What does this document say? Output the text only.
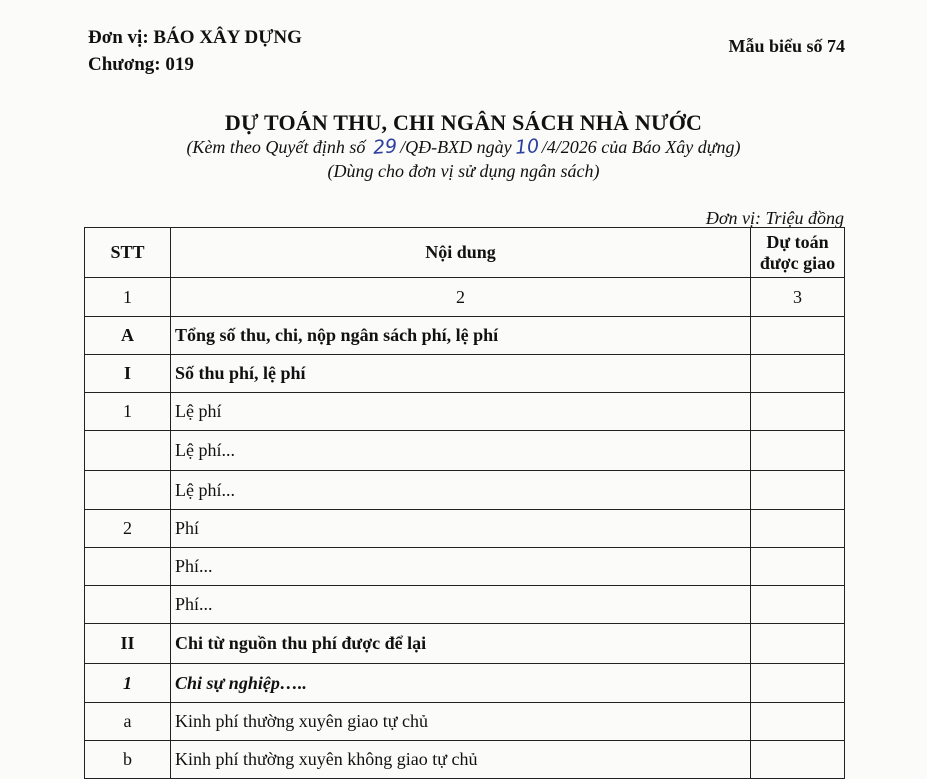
Đơn vị: BÁO XÂY DỰNG
Chương: 019
Mẫu biểu số 74
DỰ TOÁN THU, CHI NGÂN SÁCH NHÀ NƯỚC
(Kèm theo Quyết định số 29 /QĐ-BXD ngày 10 /4/2026 của Báo Xây dựng)
(Dùng cho đơn vị sử dụng ngân sách)
Đơn vị: Triệu đồng
STT	Nội dung	Dự toán được giao
1	2	3
A	Tổng số thu, chi, nộp ngân sách phí, lệ phí	
I	Số thu phí, lệ phí	
1	Lệ phí	
	Lệ phí...	
	Lệ phí...	
2	Phí	
	Phí...	
	Phí...	
II	Chi từ nguồn thu phí được để lại	
1	Chi sự nghiệp…..	
a	Kinh phí thường xuyên giao tự chủ	
b	Kinh phí thường xuyên không giao tự chủ	
